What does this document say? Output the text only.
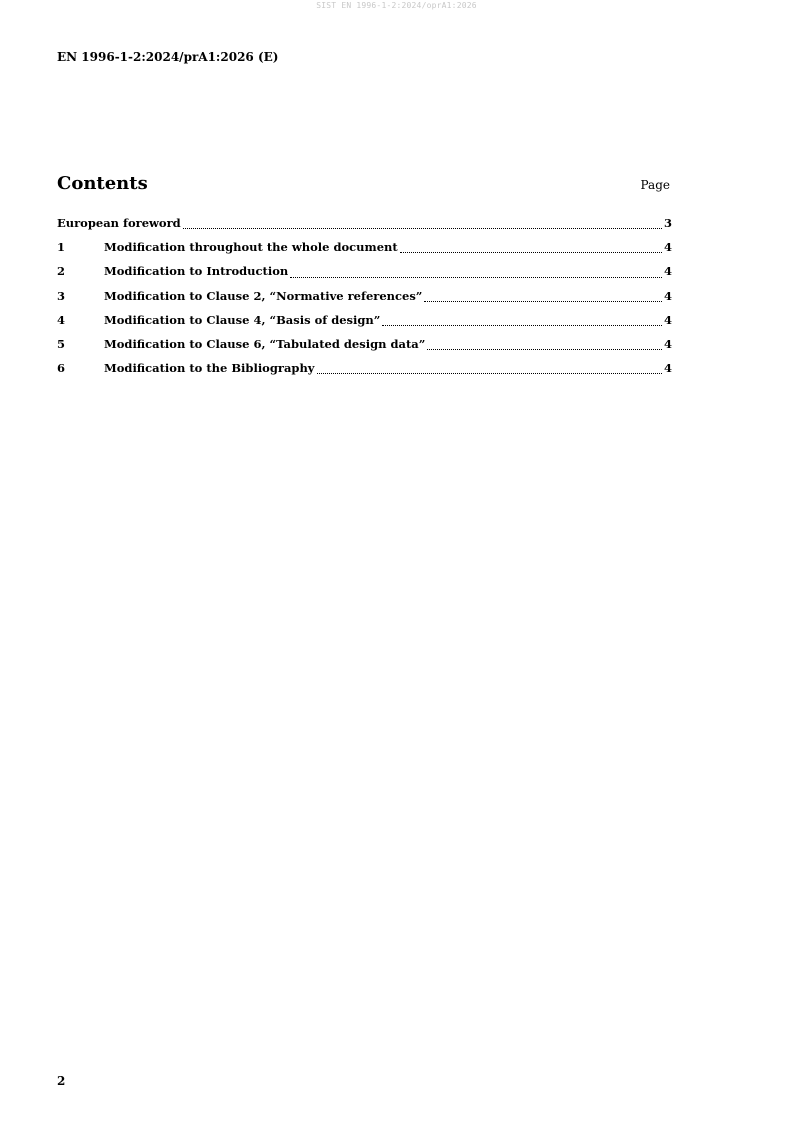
SIST EN 1996-1-2:2024/oprA1:2026
EN 1996-1-2:2024/prA1:2026 (E)
Contents	Page
European foreword	3
1	Modification throughout the whole document	4
2	Modification to Introduction	4
3	Modification to Clause 2, “Normative references”	4
4	Modification to Clause 4, “Basis of design”	4
5	Modification to Clause 6, “Tabulated design data”	4
6	Modification to the Bibliography	4
2
